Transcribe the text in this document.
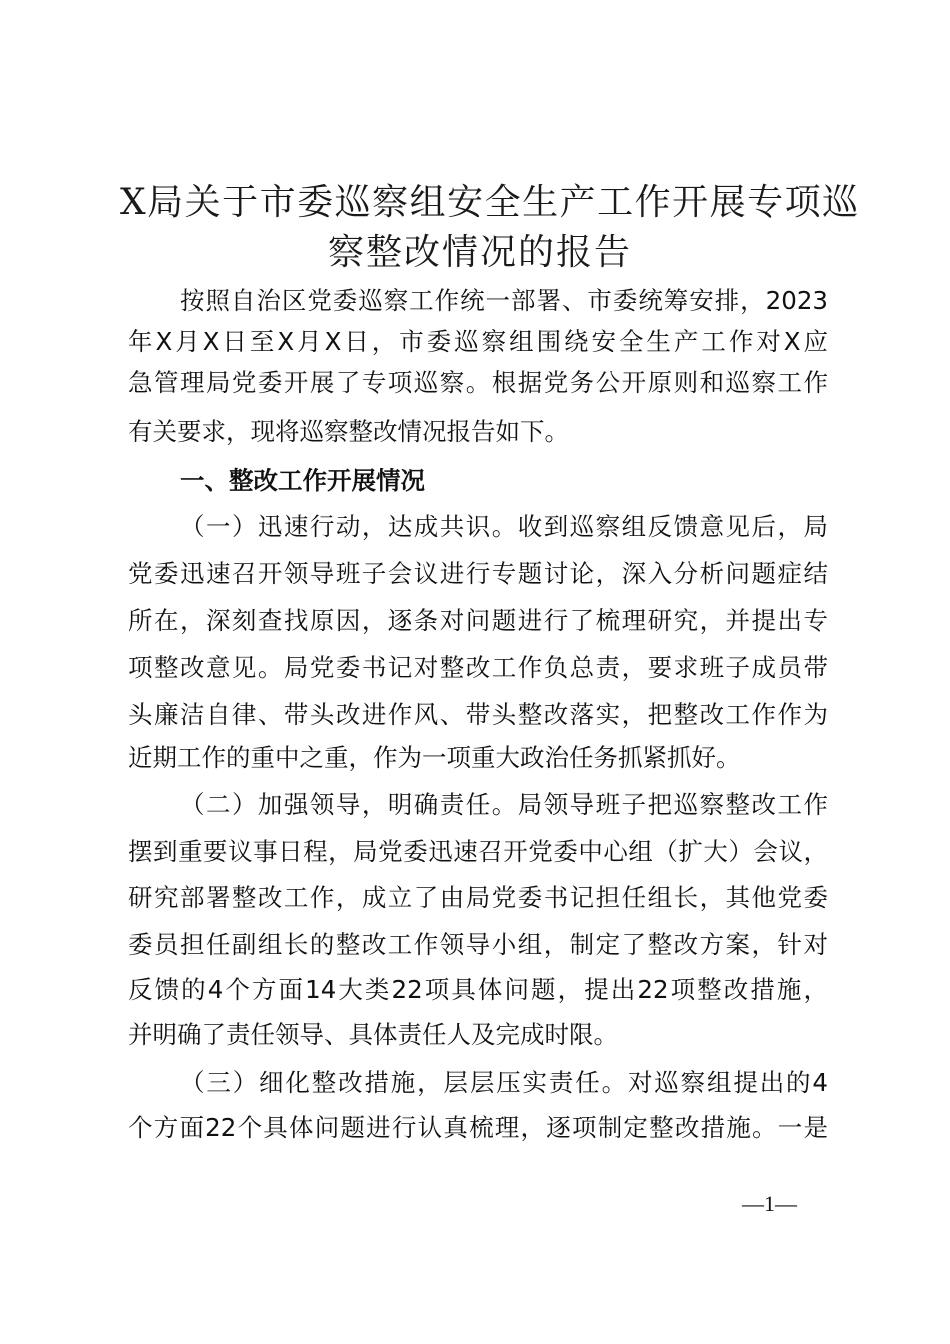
X局关于市委巡察组安全生产工作开展专项巡
察整改情况的报告
按照自治区党委巡察工作统一部署、市委统筹安排，2023
年X月X日至X月X日，市委巡察组围绕安全生产工作对X应
急管理局党委开展了专项巡察。根据党务公开原则和巡察工作
有关要求，现将巡察整改情况报告如下。
一、整改工作开展情况
（一）迅速行动，达成共识。收到巡察组反馈意见后，局
党委迅速召开领导班子会议进行专题讨论，深入分析问题症结
所在，深刻查找原因，逐条对问题进行了梳理研究，并提出专
项整改意见。局党委书记对整改工作负总责，要求班子成员带
头廉洁自律、带头改进作风、带头整改落实，把整改工作作为
近期工作的重中之重，作为一项重大政治任务抓紧抓好。
（二）加强领导，明确责任。局领导班子把巡察整改工作
摆到重要议事日程，局党委迅速召开党委中心组（扩大）会议，
研究部署整改工作，成立了由局党委书记担任组长，其他党委
委员担任副组长的整改工作领导小组，制定了整改方案，针对
反馈的4个方面14大类22项具体问题，提出22项整改措施，
并明确了责任领导、具体责任人及完成时限。
（三）细化整改措施，层层压实责任。对巡察组提出的4
个方面22个具体问题进行认真梳理，逐项制定整改措施。一是
—1—
